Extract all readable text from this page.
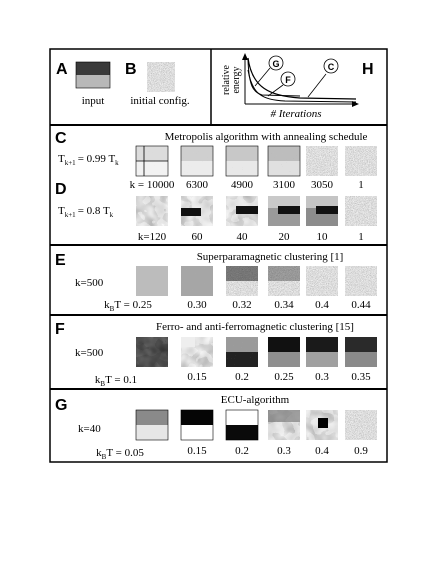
A
input
B
initial config.
H
G
F
C
relative energy
# Iterations
C	Metropolis algorithm with annealing schedule
$T_{k+1} = 0.99$ $T_k$
k = 10000 6300 4900 3100 3050 1
D
$T_{k+1} = 0.8$ $T_k$
k=120 60	40	20 10	1
E	Superparamagnetic clustering [1]
k=500
$k_BT = 0.25$	0.30 0.32 0.34 0.4 0.44
F	Ferro- and anti-ferromagnetic clustering [15]
k=500
$k_BT = 0.1$	0.15	0.2 0.25 0.3 0.35
G	ECU-algorithm
k=40
$k_BT = 0.05$	0.15	0.2	0.3 0.4 0.9
